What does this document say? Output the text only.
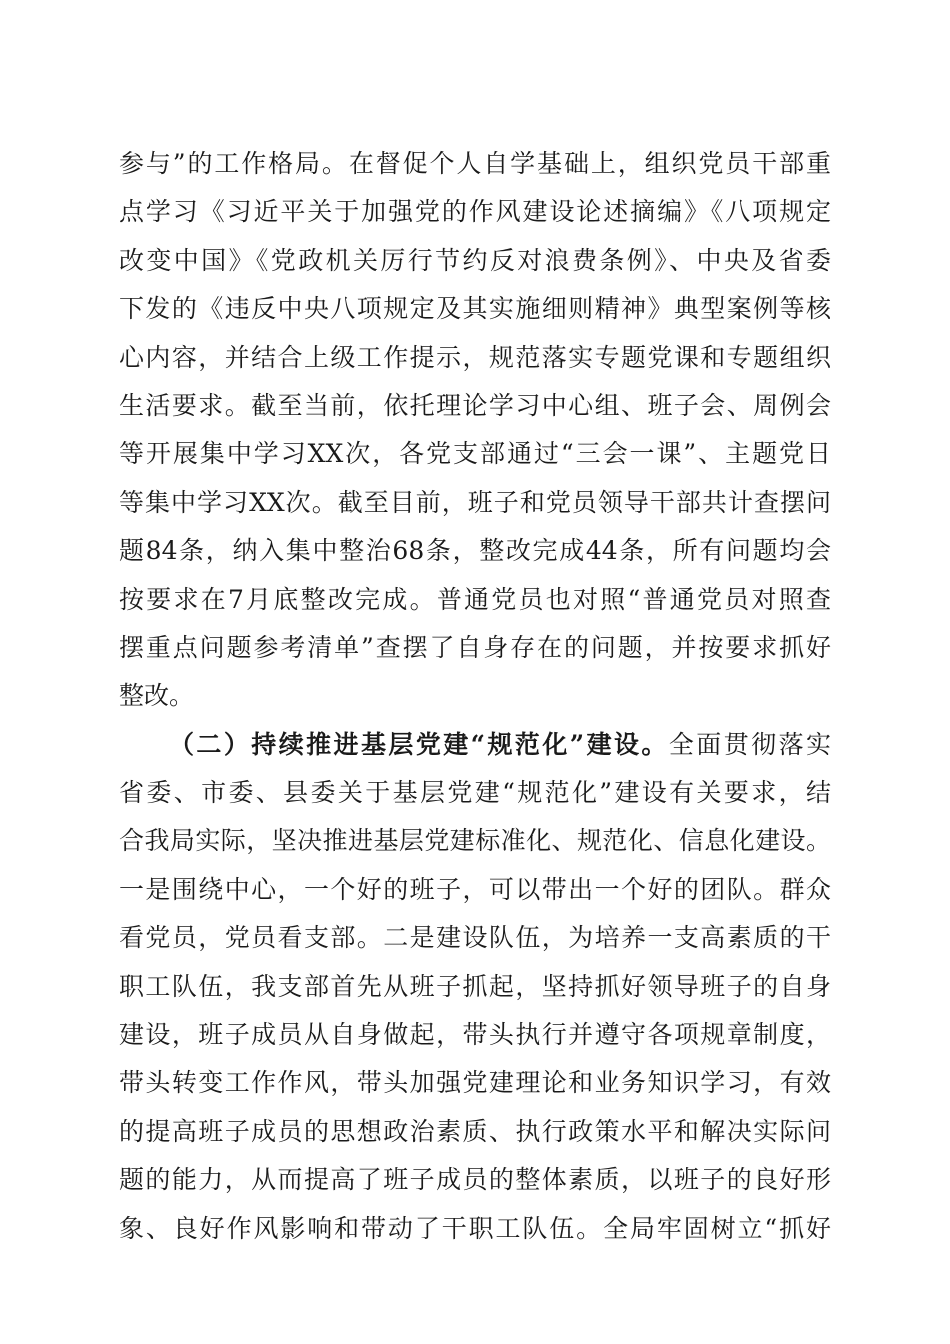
参与”的工作格局。在督促个人自学基础上，组织党员干部重
点学习《习近平关于加强党的作风建设论述摘编》《八项规定
改变中国》《党政机关厉行节约反对浪费条例》、中央及省委
下发的《违反中央八项规定及其实施细则精神》典型案例等核
心内容，并结合上级工作提示，规范落实专题党课和专题组织
生活要求。截至当前，依托理论学习中心组、班子会、周例会
等开展集中学习XX次，各党支部通过“三会一课”、主题党日
等集中学习XX次。截至目前，班子和党员领导干部共计查摆问
题84条，纳入集中整治68条，整改完成44条，所有问题均会
按要求在7月底整改完成。普通党员也对照“普通党员对照查
摆重点问题参考清单”查摆了自身存在的问题，并按要求抓好
整改。
（二）持续推进基层党建“规范化”建设。全面贯彻落实
省委、市委、县委关于基层党建“规范化”建设有关要求，结
合我局实际，坚决推进基层党建标准化、规范化、信息化建设。
一是围绕中心，一个好的班子，可以带出一个好的团队。群众
看党员，党员看支部。二是建设队伍，为培养一支高素质的干
职工队伍，我支部首先从班子抓起，坚持抓好领导班子的自身
建设，班子成员从自身做起，带头执行并遵守各项规章制度，
带头转变工作作风，带头加强党建理论和业务知识学习，有效
的提高班子成员的思想政治素质、执行政策水平和解决实际问
题的能力，从而提高了班子成员的整体素质，以班子的良好形
象、良好作风影响和带动了干职工队伍。全局牢固树立“抓好
